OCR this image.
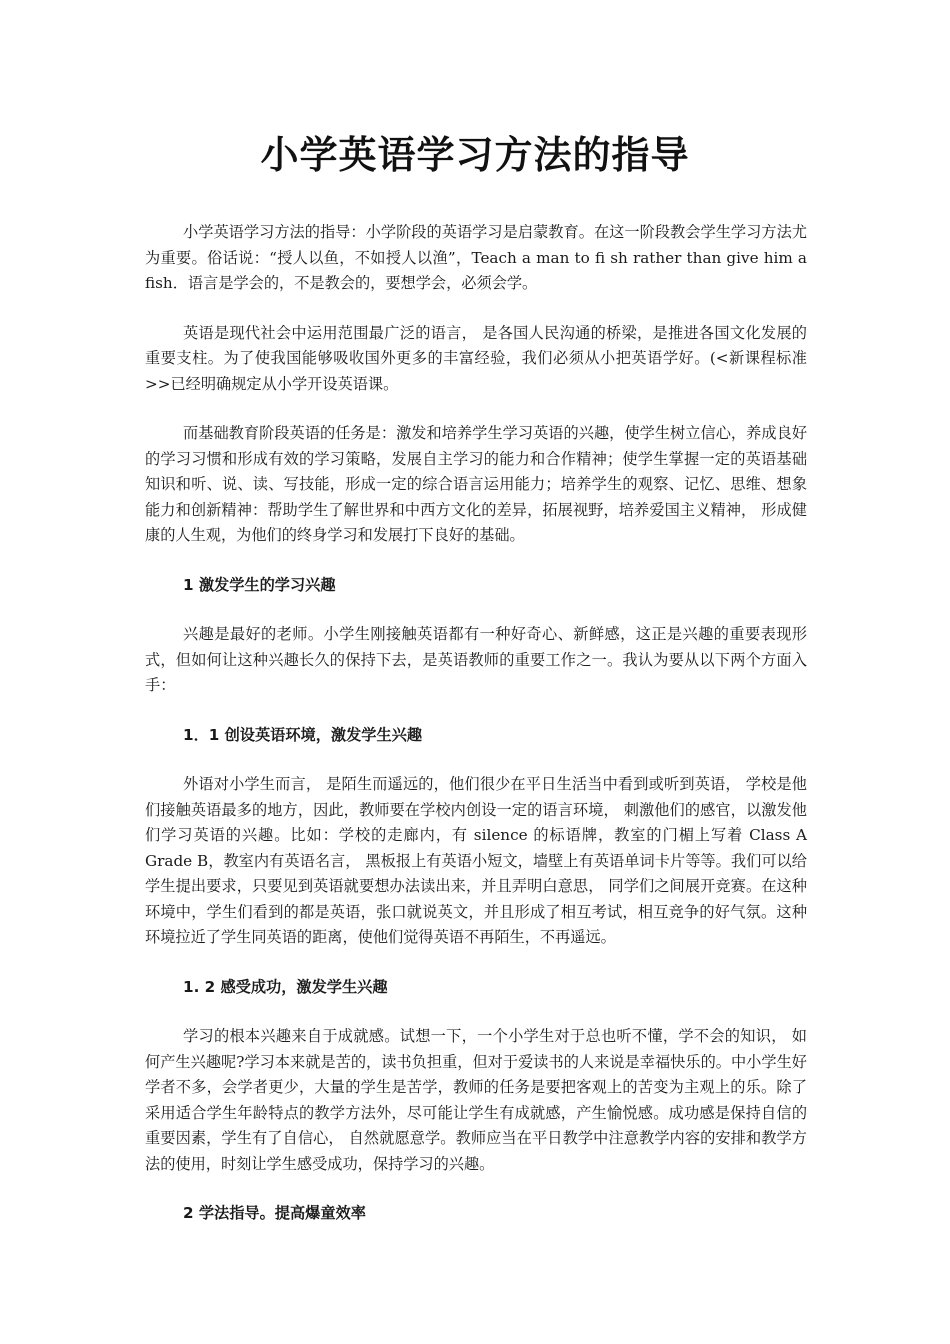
小学英语学习方法的指导

小学英语学习方法的指导：小学阶段的英语学习是启蒙教育。在这一阶段教会学生学习方法尤为重要。俗话说：“授人以鱼，不如授人以渔”，Teach a man to fi sh rather than give him a fish．语言是学会的，不是教会的，要想学会，必须会学。

英语是现代社会中运用范围最广泛的语言， 是各国人民沟通的桥梁，是推进各国文化发展的重要支柱。为了使我国能够吸收国外更多的丰富经验，我们必须从小把英语学好。(<新课程标准>>已经明确规定从小学开设英语课。

而基础教育阶段英语的任务是：激发和培养学生学习英语的兴趣，使学生树立信心，养成良好的学习习惯和形成有效的学习策略，发展自主学习的能力和合作精神；使学生掌握一定的英语基础知识和听、说、读、写技能，形成一定的综合语言运用能力；培养学生的观察、记忆、思维、想象能力和创新精神：帮助学生了解世界和中西方文化的差异，拓展视野，培养爱国主义精神， 形成健康的人生观，为他们的终身学习和发展打下良好的基础。

1 激发学生的学习兴趣

兴趣是最好的老师。小学生刚接触英语都有一种好奇心、新鲜感，这正是兴趣的重要表现形式，但如何让这种兴趣长久的保持下去，是英语教师的重要工作之一。我认为要从以下两个方面入手：

1．1 创设英语环境，激发学生兴趣

外语对小学生而言， 是陌生而遥远的，他们很少在平日生活当中看到或听到英语， 学校是他们接触英语最多的地方，因此，教师要在学校内创设一定的语言环境， 刺激他们的感官，以激发他们学习英语的兴趣。比如：学校的走廊内，有 silence 的标语牌，教室的门楣上写着 Class A Grade B，教室内有英语名言， 黑板报上有英语小短文，墙壁上有英语单词卡片等等。我们可以给学生提出要求，只要见到英语就要想办法读出来，并且弄明白意思， 同学们之间展开竞赛。在这种环境中，学生们看到的都是英语，张口就说英文，并且形成了相互考试，相互竞争的好气氛。这种环境拉近了学生同英语的距离，使他们觉得英语不再陌生，不再遥远。

1. 2 感受成功，激发学生兴趣

学习的根本兴趣来自于成就感。试想一下，一个小学生对于总也听不懂，学不会的知识， 如何产生兴趣呢?学习本来就是苦的，读书负担重，但对于爱读书的人来说是幸福快乐的。中小学生好学者不多，会学者更少，大量的学生是苦学，教师的任务是要把客观上的苦变为主观上的乐。除了采用适合学生年龄特点的教学方法外，尽可能让学生有成就感，产生愉悦感。成功感是保持自信的重要因素，学生有了自信心， 自然就愿意学。教师应当在平日教学中注意教学内容的安排和教学方法的使用，时刻让学生感受成功，保持学习的兴趣。

2 学法指导。提高爆童效率
